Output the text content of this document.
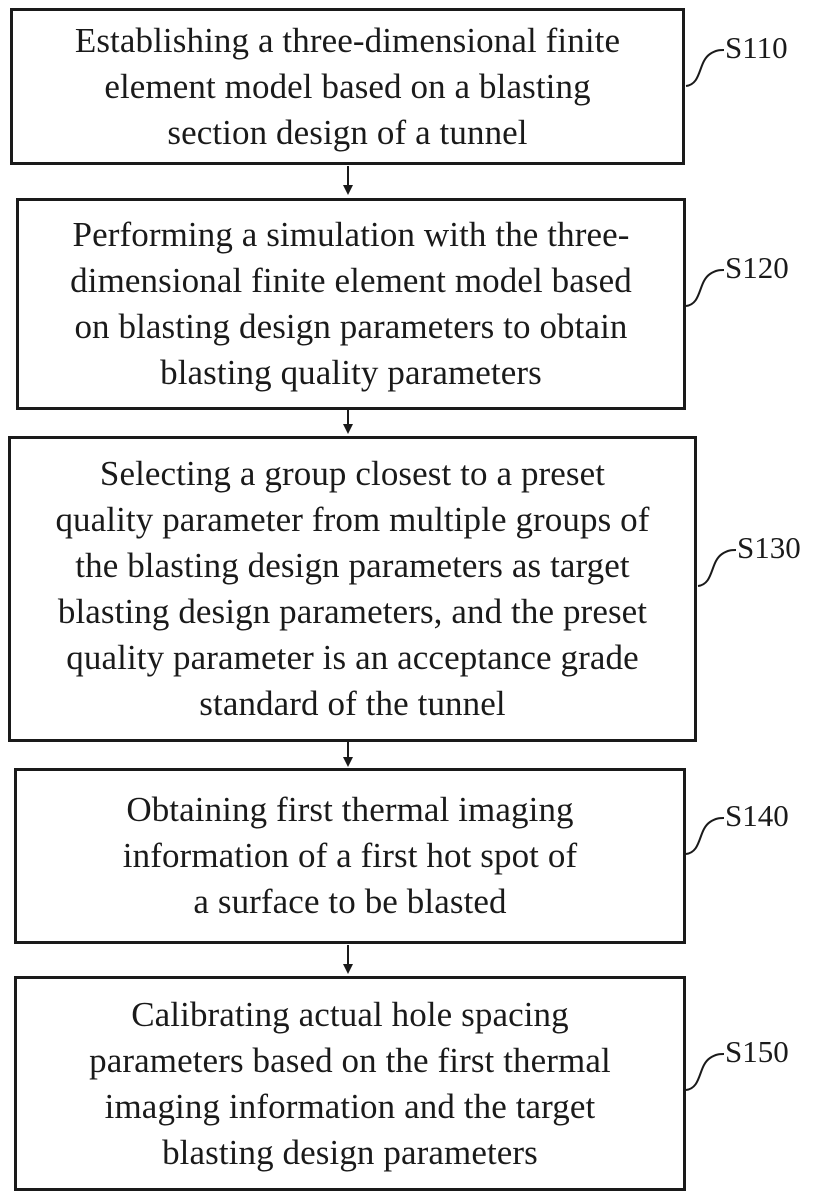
Establishing a three-dimensional finite
element model based on a blasting
section design of a tunnel
S110
Performing a simulation with the three-
dimensional finite element model based
on blasting design parameters to obtain
blasting quality parameters
S120
Selecting a group closest to a preset
quality parameter from multiple groups of
the blasting design parameters as target
blasting design parameters, and the preset
quality parameter is an acceptance grade
standard of the tunnel
S130
Obtaining first thermal imaging
information of a first hot spot of
a surface to be blasted
S140
Calibrating actual hole spacing
parameters based on the first thermal
imaging information and the target
blasting design parameters
S150
